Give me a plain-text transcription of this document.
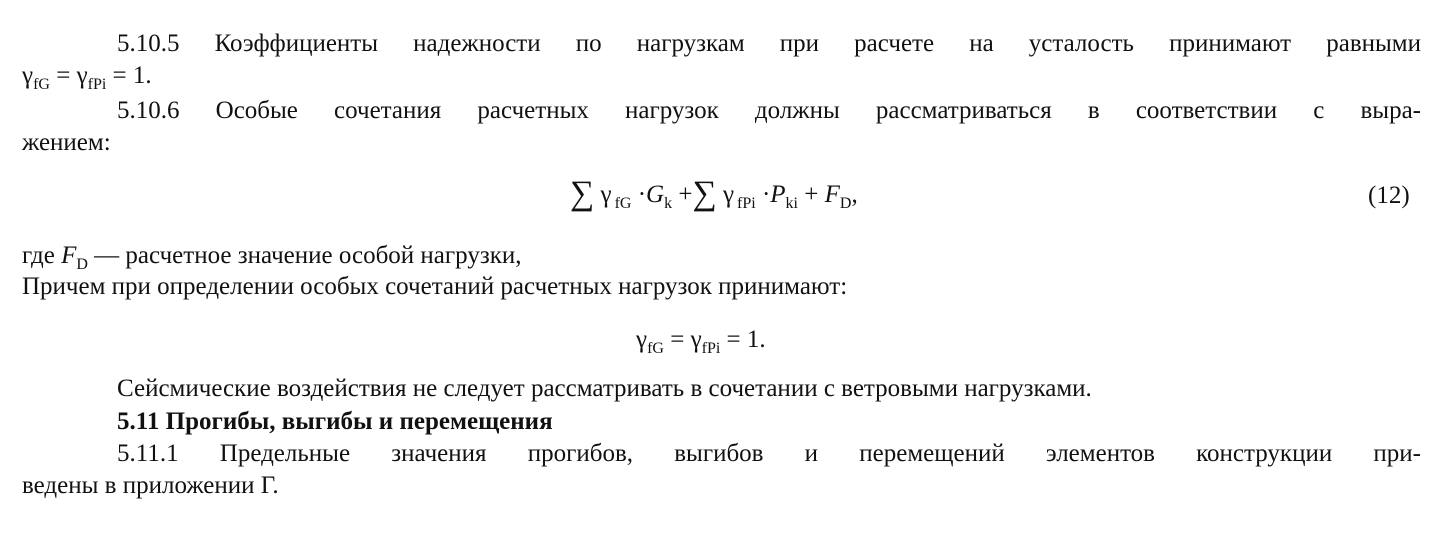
5.10.5 Коэффициенты надежности по нагрузкам при расчете на усталость принимают равными
$\gamma_{fG} = \gamma_{fPi} = 1$.
5.10.6 Особые сочетания расчетных нагрузок должны рассматриваться в соответствии с выра-
жением:
∑ γ $_{fG} \cdot G_k$ +∑ γ $_{fPi} \cdot P_{ki} + F_D$,	(12)
где $F_D$ — расчетное значение особой нагрузки,
Причем при определении особых сочетаний расчетных нагрузок принимают:
$\gamma_{fG} = \gamma_{fPi} = 1$.
Сейсмические воздействия не следует рассматривать в сочетании с ветровыми нагрузками.
5.11 Прогибы, выгибы и перемещения
5.11.1 Предельные значения прогибов, выгибов и перемещений элементов конструкции при-
ведены в приложении Г.
